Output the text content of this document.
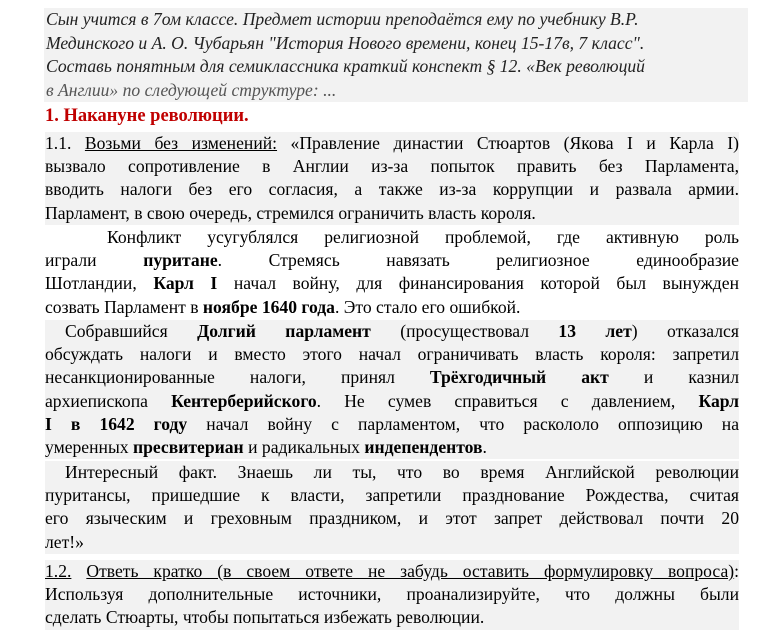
Сын учится в 7ом классе. Предмет истории преподаётся ему по учебнику В.Р.
Мединского и А. О. Чубарьян "История Нового времени, конец 15-17в, 7 класс".
Составь понятным для семиклассника краткий конспект § 12. «Век революций
в Англии» по следующей структуре: ...
1. Накануне революции.
1.1. Возьми без изменений: «Правление династии Стюартов (Якова I и Карла I)
вызвало сопротивление в Англии из-за попыток править без Парламента,
вводить налоги без его согласия, а также из-за коррупции и развала армии.
Парламент, в свою очередь, стремился ограничить власть короля.
Конфликт усугублялся религиозной проблемой, где активную роль
играли	пуритане. Стремясь навязать религиозное единообразие
Шотландии, Карл I начал войну, для финансирования которой был вынужден
созвать Парламент в ноябре 1640 года. Это стало его ошибкой.
Собравшийся Долгий парламент (просуществовал 13 лет) отказался
обсуждать налоги и вместо этого начал ограничивать власть короля: запретил
несанкционированные налоги, принял Трёхгодичный акт и казнил
архиепископа Кентерберийского. Не сумев справиться с давлением, Карл
I в 1642 году начал войну с парламентом, что раскололо оппозицию на
умеренных пресвитериан и радикальных индепендентов.
Интересный факт. Знаешь ли ты, что во время Английской революции
пуритансы, пришедшие к власти, запретили празднование Рождества, считая
его языческим и греховным праздником, и этот запрет действовал почти 20
лет!»
1.2. Ответь кратко (в своем ответе не забудь оставить формулировку вопроса):
Используя дополнительные источники, проанализируйте, что должны были
сделать Стюарты, чтобы попытаться избежать революции.
